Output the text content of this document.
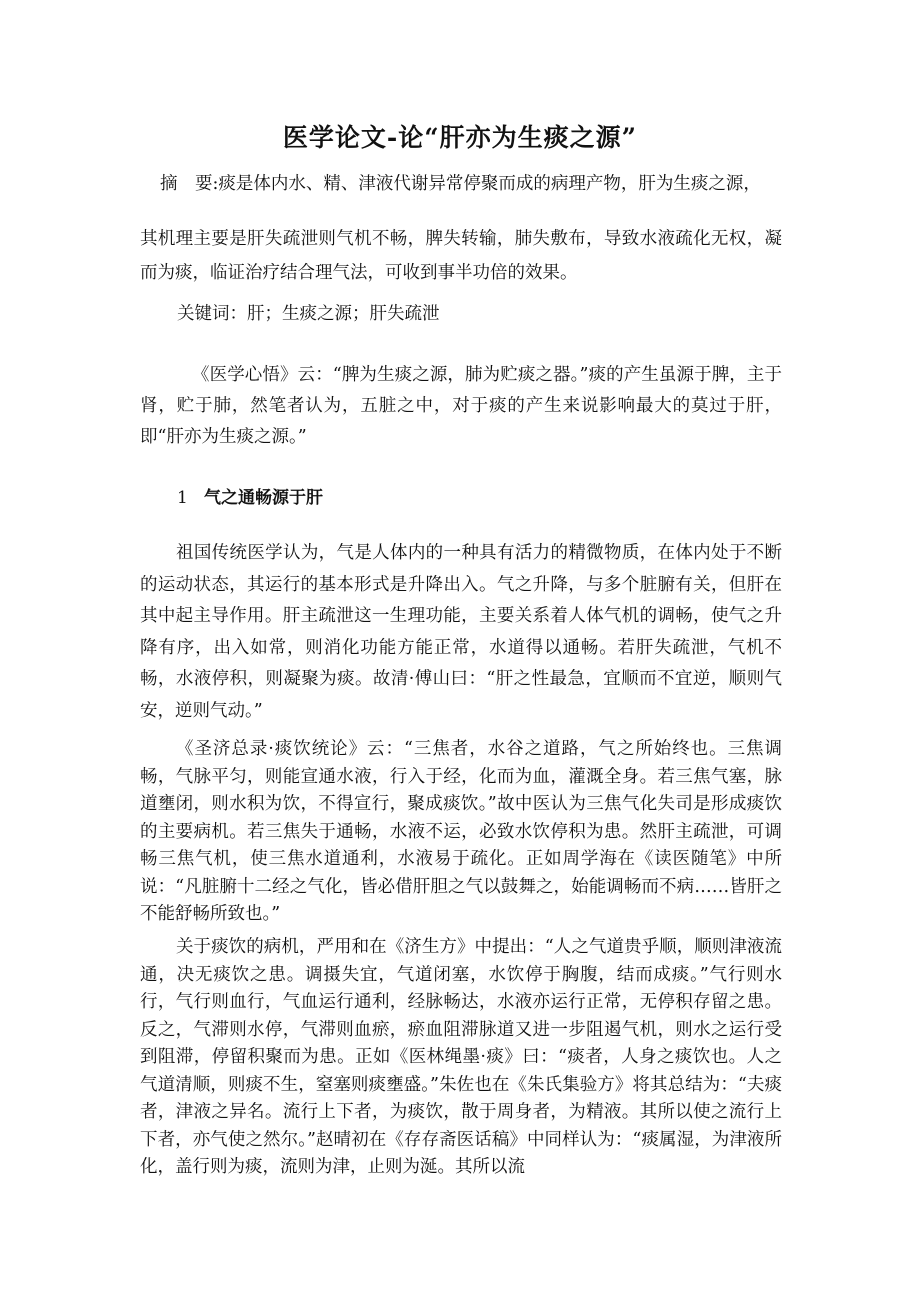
医学论文-论“肝亦为生痰之源”

摘　要:痰是体内水、精、津液代谢异常停聚而成的病理产物，肝为生痰之源，

其机理主要是肝失疏泄则气机不畅，脾失转输，肺失敷布，导致水液疏化无权，凝而为痰，临证治疗结合理气法，可收到事半功倍的效果。

关键词：肝；生痰之源；肝失疏泄

《医学心悟》云：“脾为生痰之源，肺为贮痰之器。”痰的产生虽源于脾，主于肾，贮于肺，然笔者认为，五脏之中，对于痰的产生来说影响最大的莫过于肝，即“肝亦为生痰之源。”

1 气之通畅源于肝

祖国传统医学认为，气是人体内的一种具有活力的精微物质，在体内处于不断的运动状态，其运行的基本形式是升降出入。气之升降，与多个脏腑有关，但肝在其中起主导作用。肝主疏泄这一生理功能，主要关系着人体气机的调畅，使气之升降有序，出入如常，则消化功能方能正常，水道得以通畅。若肝失疏泄，气机不畅，水液停积，则凝聚为痰。故清·傅山曰：“肝之性最急，宜顺而不宜逆，顺则气安，逆则气动。”

《圣济总录·痰饮统论》云：“三焦者，水谷之道路，气之所始终也。三焦调畅，气脉平匀，则能宣通水液，行入于经，化而为血，灌溉全身。若三焦气塞，脉道壅闭，则水积为饮，不得宣行，聚成痰饮。”故中医认为三焦气化失司是形成痰饮的主要病机。若三焦失于通畅，水液不运，必致水饮停积为患。然肝主疏泄，可调畅三焦气机，使三焦水道通利，水液易于疏化。正如周学海在《读医随笔》中所说：“凡脏腑十二经之气化，皆必借肝胆之气以鼓舞之，始能调畅而不病……皆肝之不能舒畅所致也。”

关于痰饮的病机，严用和在《济生方》中提出：“人之气道贵乎顺，顺则津液流通，决无痰饮之患。调摄失宜，气道闭塞，水饮停于胸腹，结而成痰。”气行则水行，气行则血行，气血运行通利，经脉畅达，水液亦运行正常，无停积存留之患。反之，气滞则水停，气滞则血瘀，瘀血阻滞脉道又进一步阻遏气机，则水之运行受到阻滞，停留积聚而为患。正如《医林绳墨·痰》曰：“痰者，人身之痰饮也。人之气道清顺，则痰不生，窒塞则痰壅盛。”朱佐也在《朱氏集验方》将其总结为：“夫痰者，津液之异名。流行上下者，为痰饮，散于周身者，为精液。其所以使之流行上下者，亦气使之然尔。”赵晴初在《存存斋医话稿》中同样认为：“痰属湿，为津液所化，盖行则为痰，流则为津，止则为涎。其所以流
